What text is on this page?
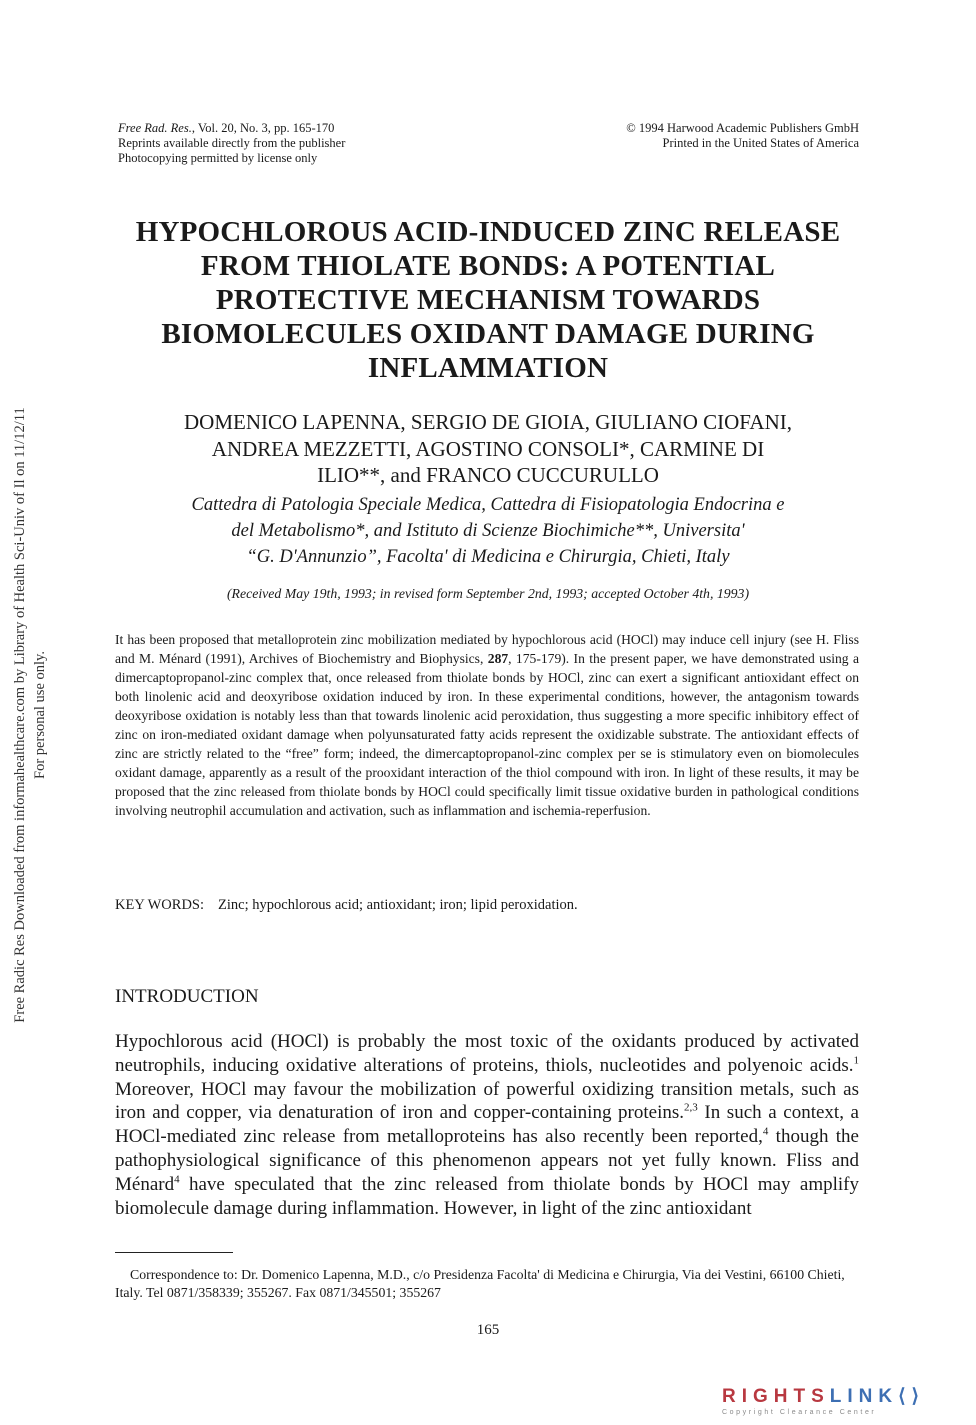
Free Radic Res Downloaded from informahealthcare.com by Library of Health Sci-Univ of Il on 11/12/11 For personal use only.
Free Rad. Res., Vol. 20, No. 3, pp. 165-170
Reprints available directly from the publisher
Photocopying permitted by license only
© 1994 Harwood Academic Publishers GmbH
Printed in the United States of America
HYPOCHLOROUS ACID-INDUCED ZINC RELEASE
FROM THIOLATE BONDS: A POTENTIAL
PROTECTIVE MECHANISM TOWARDS
BIOMOLECULES OXIDANT DAMAGE DURING
INFLAMMATION
DOMENICO LAPENNA, SERGIO DE GIOIA, GIULIANO CIOFANI,
ANDREA MEZZETTI, AGOSTINO CONSOLI*, CARMINE DI
ILIO**, and FRANCO CUCCURULLO
Cattedra di Patologia Speciale Medica, Cattedra di Fisiopatologia Endocrina e
del Metabolismo*, and Istituto di Scienze Biochimiche**, Universita'
“G. D'Annunzio”, Facolta' di Medicina e Chirurgia, Chieti, Italy
(Received May 19th, 1993; in revised form September 2nd, 1993; accepted October 4th, 1993)
It has been proposed that metalloprotein zinc mobilization mediated by hypochlorous acid (HOCl) may induce cell injury (see H. Fliss and M. Ménard (1991), Archives of Biochemistry and Biophysics, 287, 175-179). In the present paper, we have demonstrated using a dimercaptopropanol-zinc complex that, once released from thiolate bonds by HOCl, zinc can exert a significant antioxidant effect on both linolenic acid and deoxyribose oxidation induced by iron. In these experimental conditions, however, the antagonism towards deoxyribose oxidation is notably less than that towards linolenic acid peroxidation, thus suggesting a more specific inhibitory effect of zinc on iron-mediated oxidant damage when polyunsaturated fatty acids represent the oxidizable substrate. The antioxidant effects of zinc are strictly related to the “free” form; indeed, the dimercaptopropanol-zinc complex per se is stimulatory even on biomolecules oxidant damage, apparently as a result of the prooxidant interaction of the thiol compound with iron. In light of these results, it may be proposed that the zinc released from thiolate bonds by HOCl could specifically limit tissue oxidative burden in pathological conditions involving neutrophil accumulation and activation, such as inflammation and ischemia-reperfusion.
KEY WORDS: Zinc; hypochlorous acid; antioxidant; iron; lipid peroxidation.
INTRODUCTION
Hypochlorous acid (HOCl) is probably the most toxic of the oxidants produced by activated neutrophils, inducing oxidative alterations of proteins, thiols, nucleotides and polyenoic acids.$^1$ Moreover, HOCl may favour the mobilization of powerful oxidizing transition metals, such as iron and copper, via denaturation of iron and copper-containing proteins.$^{2,3}$ In such a context, a HOCl-mediated zinc release from metalloproteins has also recently been reported,$^4$ though the pathophysiological significance of this phenomenon appears not yet fully known. Fliss and Ménard$^4$ have speculated that the zinc released from thiolate bonds by HOCl may amplify biomolecule damage during inflammation. However, in light of the zinc antioxidant
Correspondence to: Dr. Domenico Lapenna, M.D., c/o Presidenza Facolta' di Medicina e Chirurgia, Via dei Vestini, 66100 Chieti, Italy. Tel 0871/358339; 355267. Fax 0871/345501; 355267
165
RIGHTSLINK⟨⟩
Copyright Clearance Center
